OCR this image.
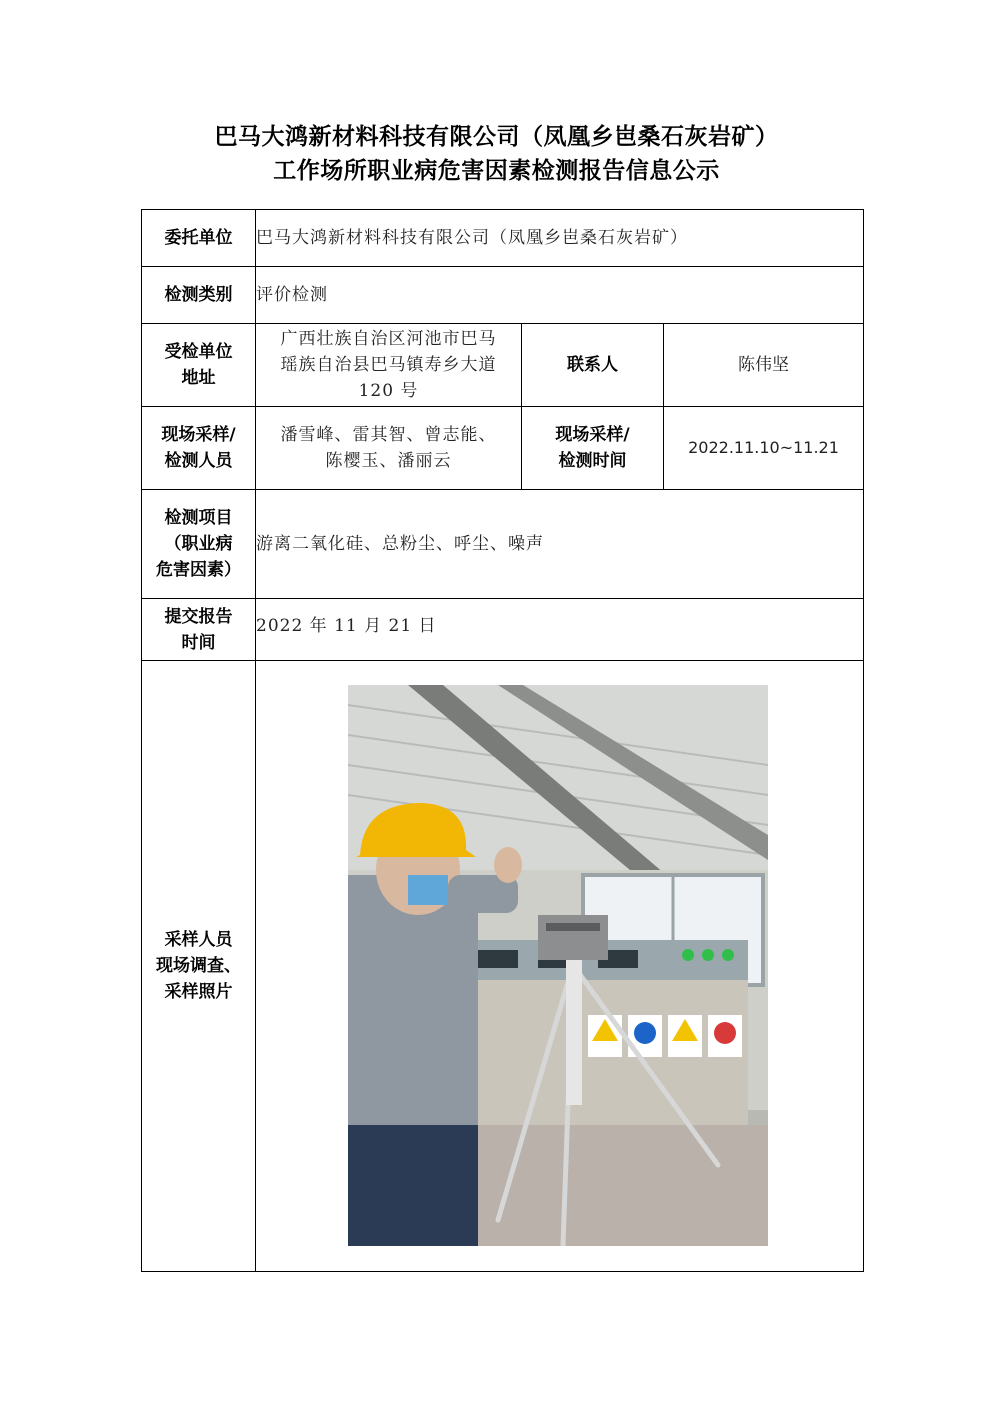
巴马大鸿新材料科技有限公司（凤凰乡岜桑石灰岩矿）
工作场所职业病危害因素检测报告信息公示
委托单位	巴马大鸿新材料科技有限公司（凤凰乡岜桑石灰岩矿）		
检测类别	评价检测		

受检单位
地址	广西壮族自治区河池市巴马
瑶族自治县巴马镇寿乡大道
120 号	联系人	陈伟坚

现场采样/
检测人员	潘雪峰、雷其智、曾志能、
陈樱玉、潘丽云	现场采样/
检测时间	2022.11.10~11.21

检测项目
（职业病
危害因素）	游离二氧化硅、总粉尘、呼尘、噪声		

提交报告
时间	2022 年 11 月 21 日		

采样人员
现场调查、
采样照片
